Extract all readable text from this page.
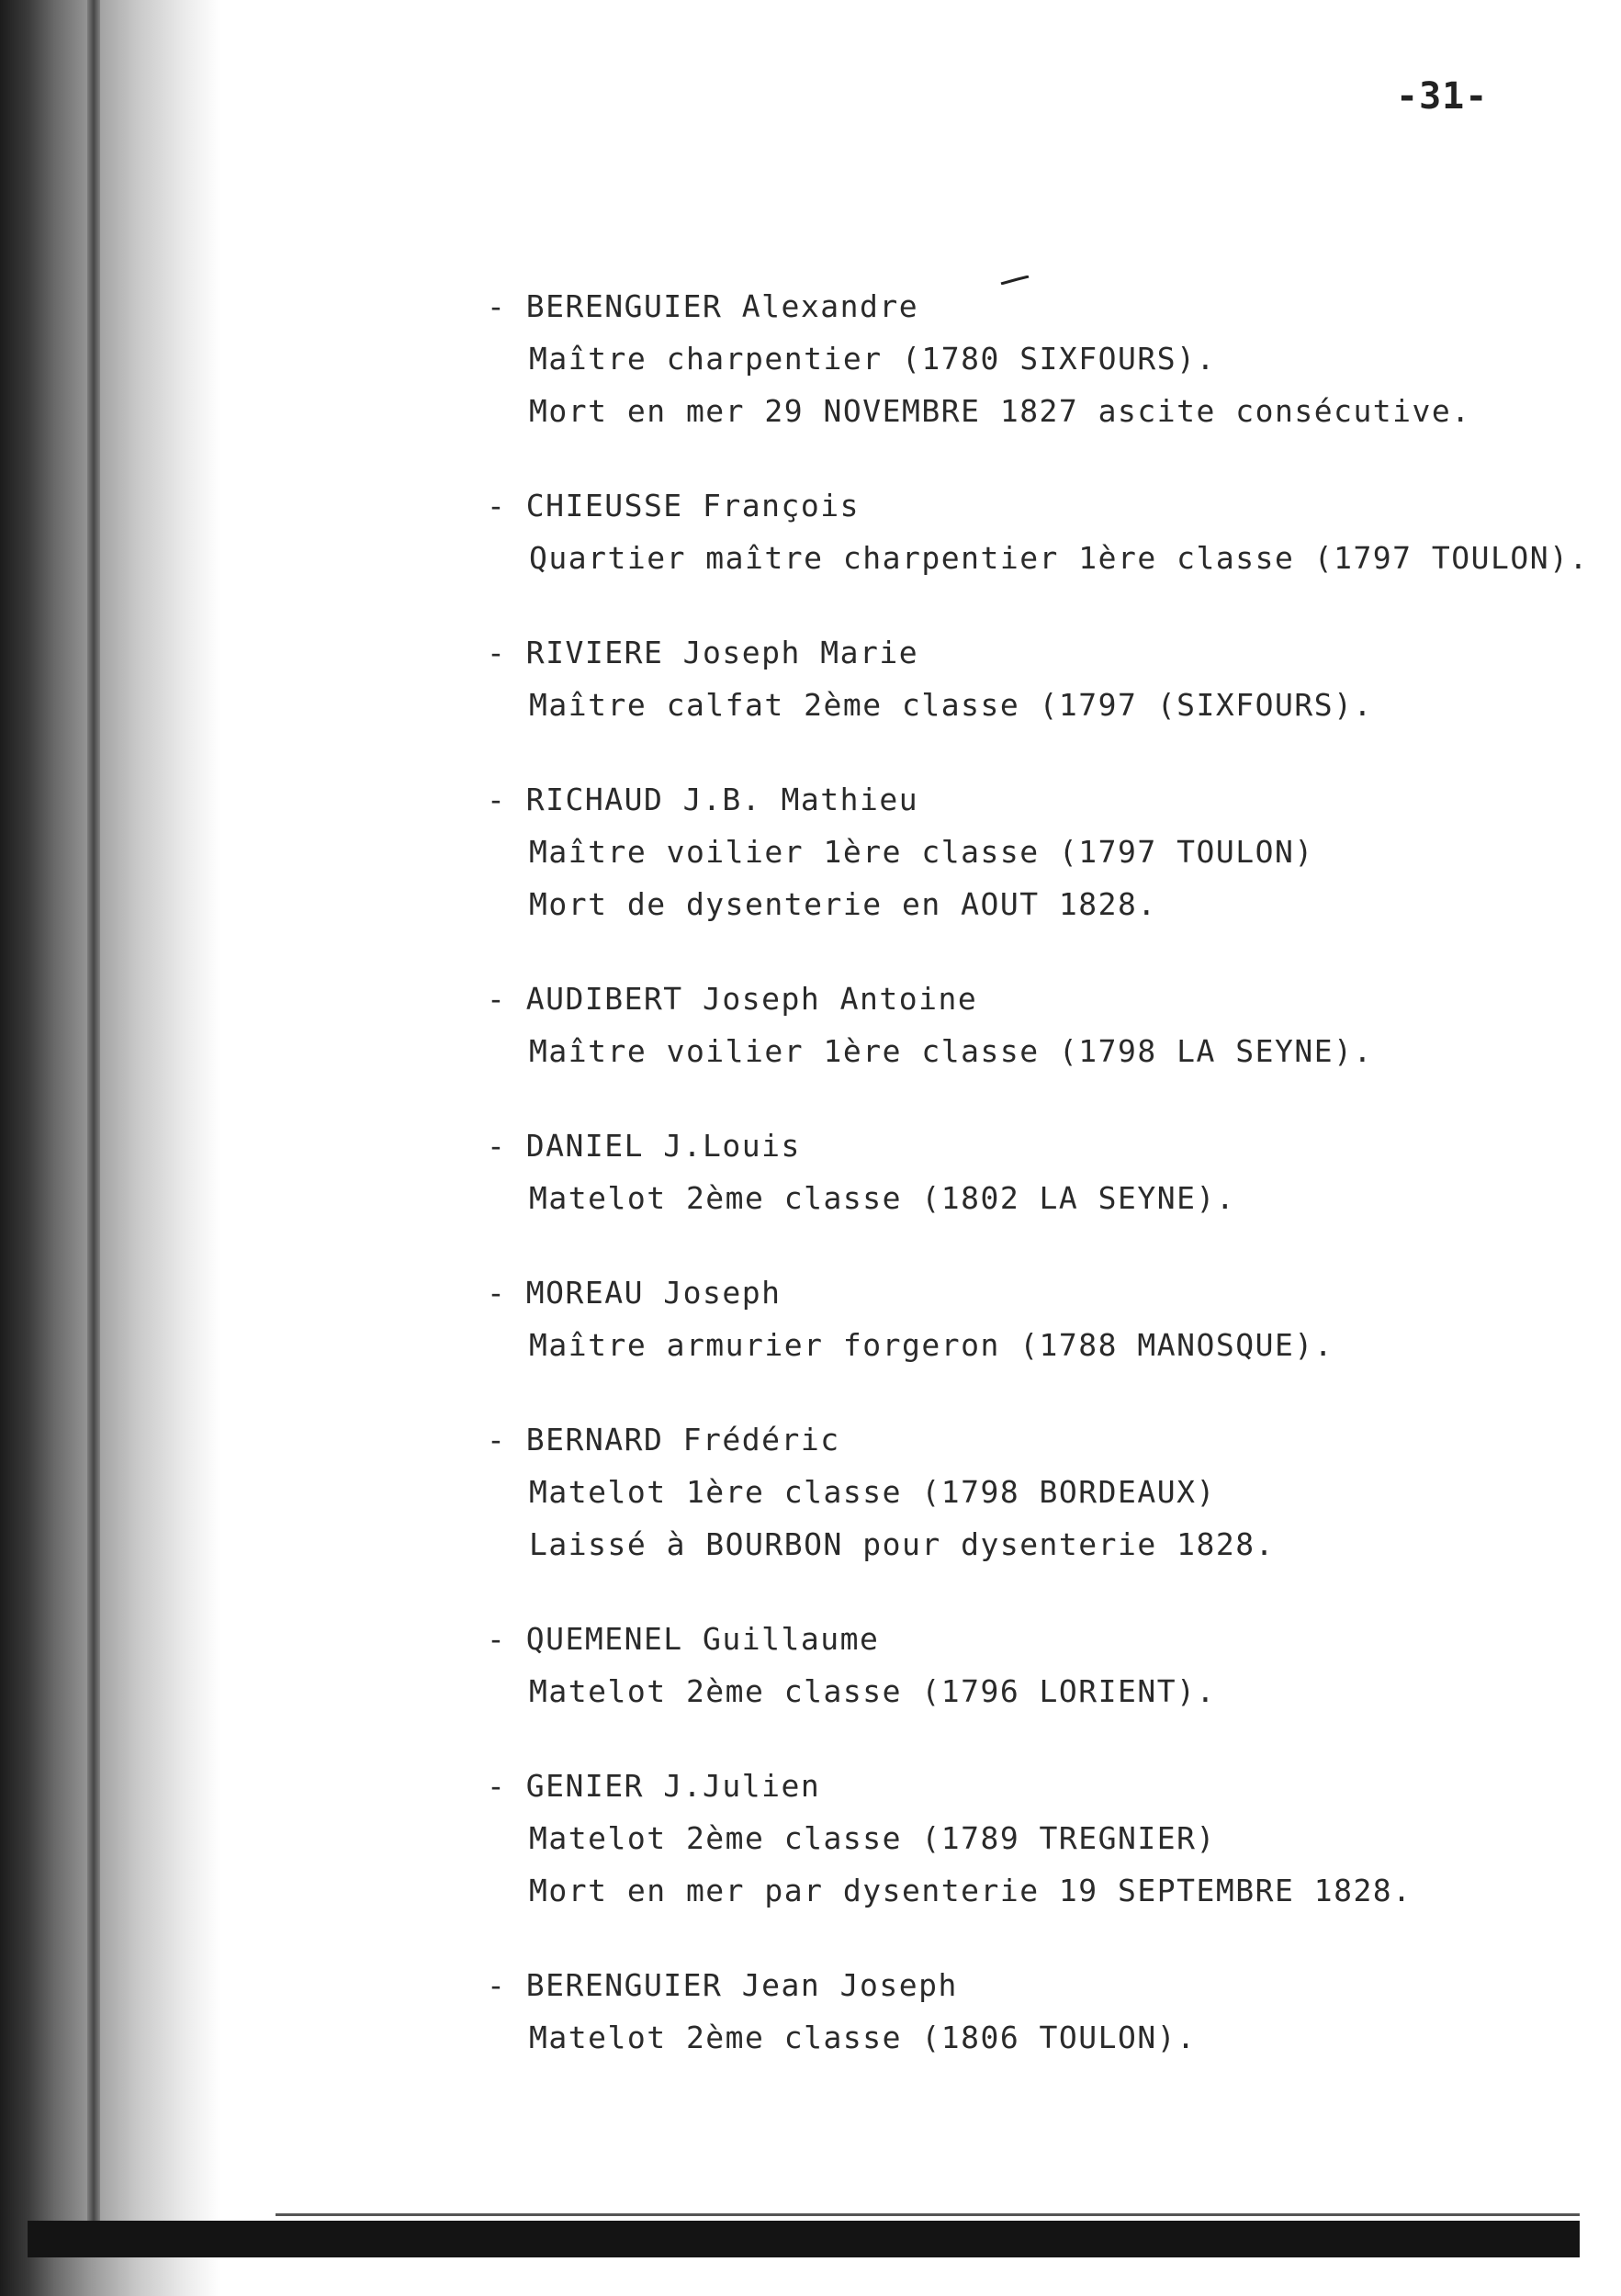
-31-
- BERENGUIER Alexandre
Maître charpentier (1780 SIXFOURS).
Mort en mer 29 NOVEMBRE 1827 ascite consécutive.
- CHIEUSSE François
Quartier maître charpentier 1ère classe (1797 TOULON).
- RIVIERE Joseph Marie
Maître calfat 2ème classe (1797 (SIXFOURS).
- RICHAUD J.B. Mathieu
Maître voilier 1ère classe (1797 TOULON)
Mort de dysenterie en AOUT 1828.
- AUDIBERT Joseph Antoine
Maître voilier 1ère classe (1798 LA SEYNE).
- DANIEL J.Louis
Matelot 2ème classe (1802 LA SEYNE).
- MOREAU Joseph
Maître armurier forgeron (1788 MANOSQUE).
- BERNARD Frédéric
Matelot 1ère classe (1798 BORDEAUX)
Laissé à BOURBON pour dysenterie 1828.
- QUEMENEL Guillaume
Matelot 2ème classe (1796 LORIENT).
- GENIER J.Julien
Matelot 2ème classe (1789 TREGNIER)
Mort en mer par dysenterie 19 SEPTEMBRE 1828.
- BERENGUIER Jean Joseph
Matelot 2ème classe (1806 TOULON).
